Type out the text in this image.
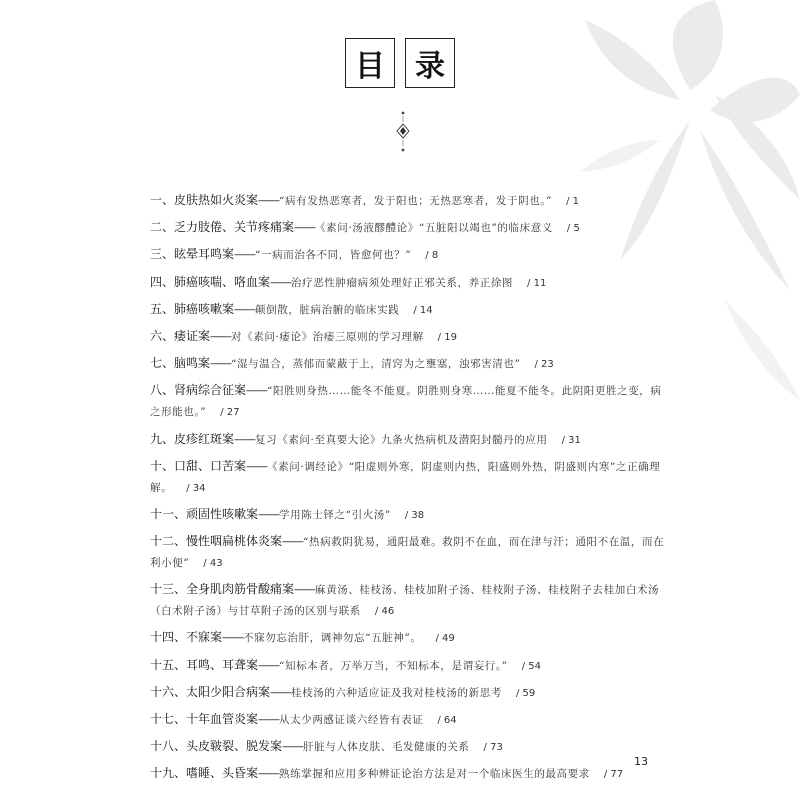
目	录
一、皮肤热如火炎案——“病有发热恶寒者，发于阳也；无热恶寒者，发于阴也。” / 1
二、乏力肢倦、关节疼痛案——《素问·汤液醪醴论》“五脏阳以竭也”的临床意义 / 5
三、眩晕耳鸣案——“一病而治各不同，皆愈何也？” / 8
四、肺癌咳喘、咯血案——治疗恶性肿瘤病须处理好正邪关系，养正徐图 / 11
五、肺癌咳嗽案——颠倒散，脏病治腑的临床实践 / 14
六、痿证案——对《素问·痿论》治痿三原则的学习理解 / 19
七、脑鸣案——“湿与温合，蒸郁而蒙蔽于上，清窍为之壅塞，浊邪害清也” / 23
八、肾病综合征案——“阳胜则身热……能冬不能夏。阴胜则身寒……能夏不能冬。此阴阳更胜之变，病之形能也。” / 27
九、皮疹红斑案——复习《素问·至真要大论》九条火热病机及潜阳封髓丹的应用 / 31
十、口甜、口苦案——《素问·调经论》“阳虚则外寒，阴虚则内热，阳盛则外热，阴盛则内寒”之正确理解。 / 34
十一、顽固性咳嗽案——学用陈士铎之“引火汤” / 38
十二、慢性咽扁桃体炎案——“热病救阴犹易，通阳最难。救阴不在血，而在津与汗；通阳不在温，而在利小便” / 43
十三、全身肌肉筋骨酸痛案——麻黄汤、桂枝汤、桂枝加附子汤、桂枝附子汤、桂枝附子去桂加白术汤（白术附子汤）与甘草附子汤的区别与联系 / 46
十四、不寐案——不寐勿忘治肝，调神勿忘“五脏神”。 / 49
十五、耳鸣、耳聋案——“知标本者，万举万当，不知标本，是谓妄行。” / 54
十六、太阳少阳合病案——桂枝汤的六种适应证及我对桂枝汤的新思考 / 59
十七、十年血管炎案——从太少两感证谈六经皆有表证 / 64
十八、头皮皲裂、脱发案——肝脏与人体皮肤、毛发健康的关系 / 73
十九、嗜睡、头昏案——熟练掌握和应用多种辨证论治方法是对一个临床医生的最高要求 / 77
13
